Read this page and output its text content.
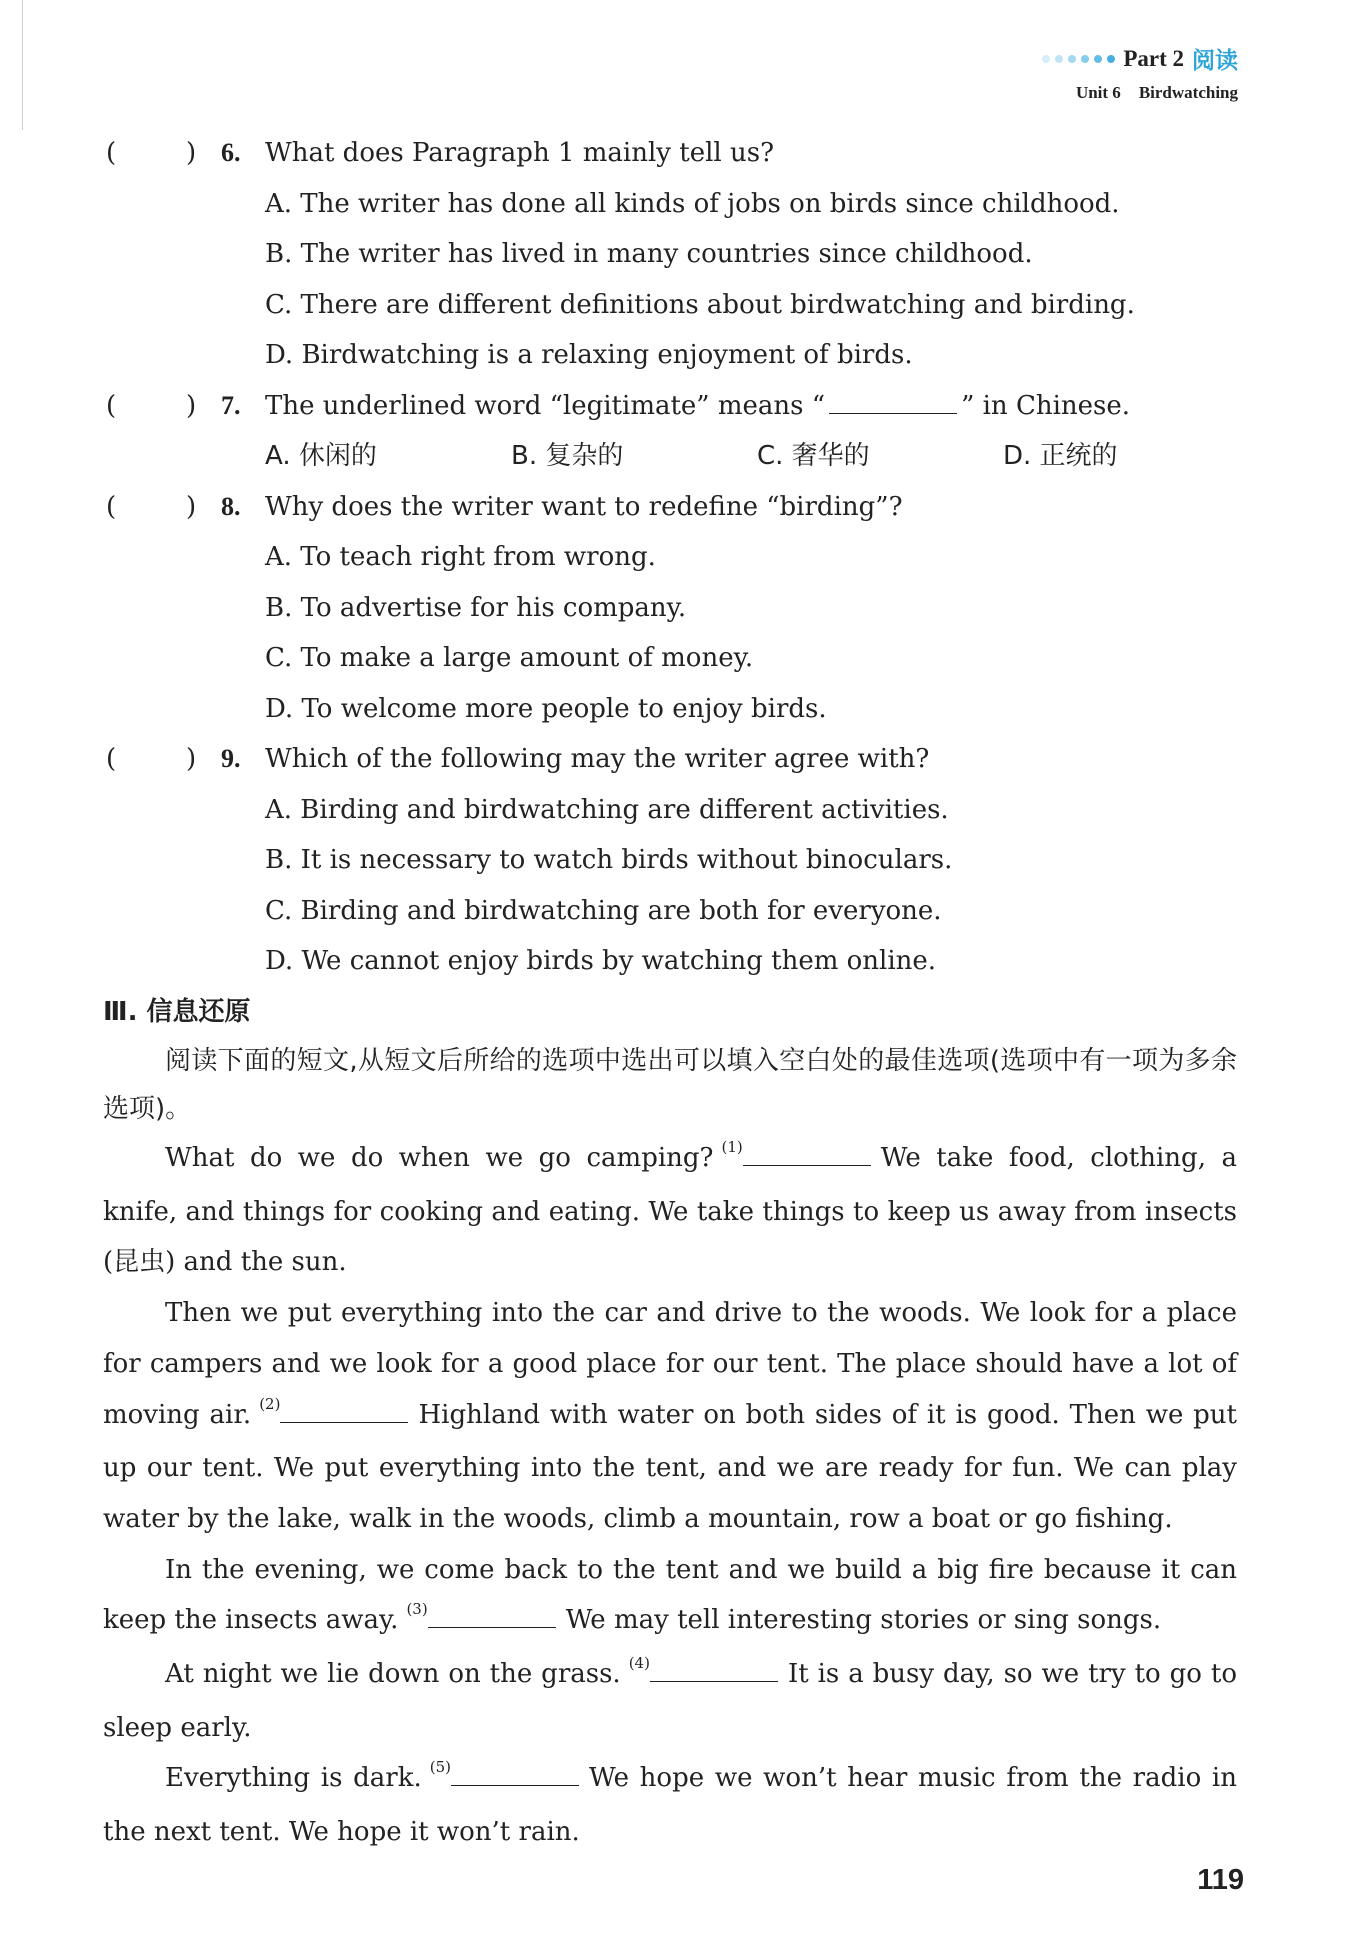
Part 2 阅读
Unit 6 Birdwatching
(	) 6. What does Paragraph 1 mainly tell us?
A. The writer has done all kinds of jobs on birds since childhood.
B. The writer has lived in many countries since childhood.
C. There are different definitions about birdwatching and birding.
D. Birdwatching is a relaxing enjoyment of birds.
(	) 7. The underlined word “legitimate” means “	” in Chinese.
A. 休闲的	B. 复杂的	C. 奢华的	D. 正统的
(	) 8. Why does the writer want to redefine “birding”?
A. To teach right from wrong.
B. To advertise for his company.
C. To make a large amount of money.
D. To welcome more people to enjoy birds.
(	) 9. Which of the following may the writer agree with?
A. Birding and birdwatching are different activities.
B. It is necessary to watch birds without binoculars.
C. Birding and birdwatching are both for everyone.
D. We cannot enjoy birds by watching them online.
Ⅲ. 信息还原

阅读下面的短文,从短文后所给的选项中选出可以填入空白处的最佳选项(选项中有一项为多余选项)。

What do we do when we go camping? $^{(1)}$	We take food, clothing, a knife, and things for cooking and eating. We take things to keep us away from insects (昆虫) and the sun.

Then we put everything into the car and drive to the woods. We look for a place for campers and we look for a good place for our tent. The place should have a lot of moving air. $^{(2)}$	Highland with water on both sides of it is good. Then we put up our tent. We put everything into the tent, and we are ready for fun. We can play water by the lake, walk in the woods, climb a mountain, row a boat or go fishing.

In the evening, we come back to the tent and we build a big fire because it can keep the insects away. $^{(3)}$	We may tell interesting stories or sing songs.

At night we lie down on the grass. $^{(4)}$	It is a busy day, so we try to go to sleep early.

Everything is dark. $^{(5)}$	We hope we won’t hear music from the radio in the next tent. We hope it won’t rain.

119
